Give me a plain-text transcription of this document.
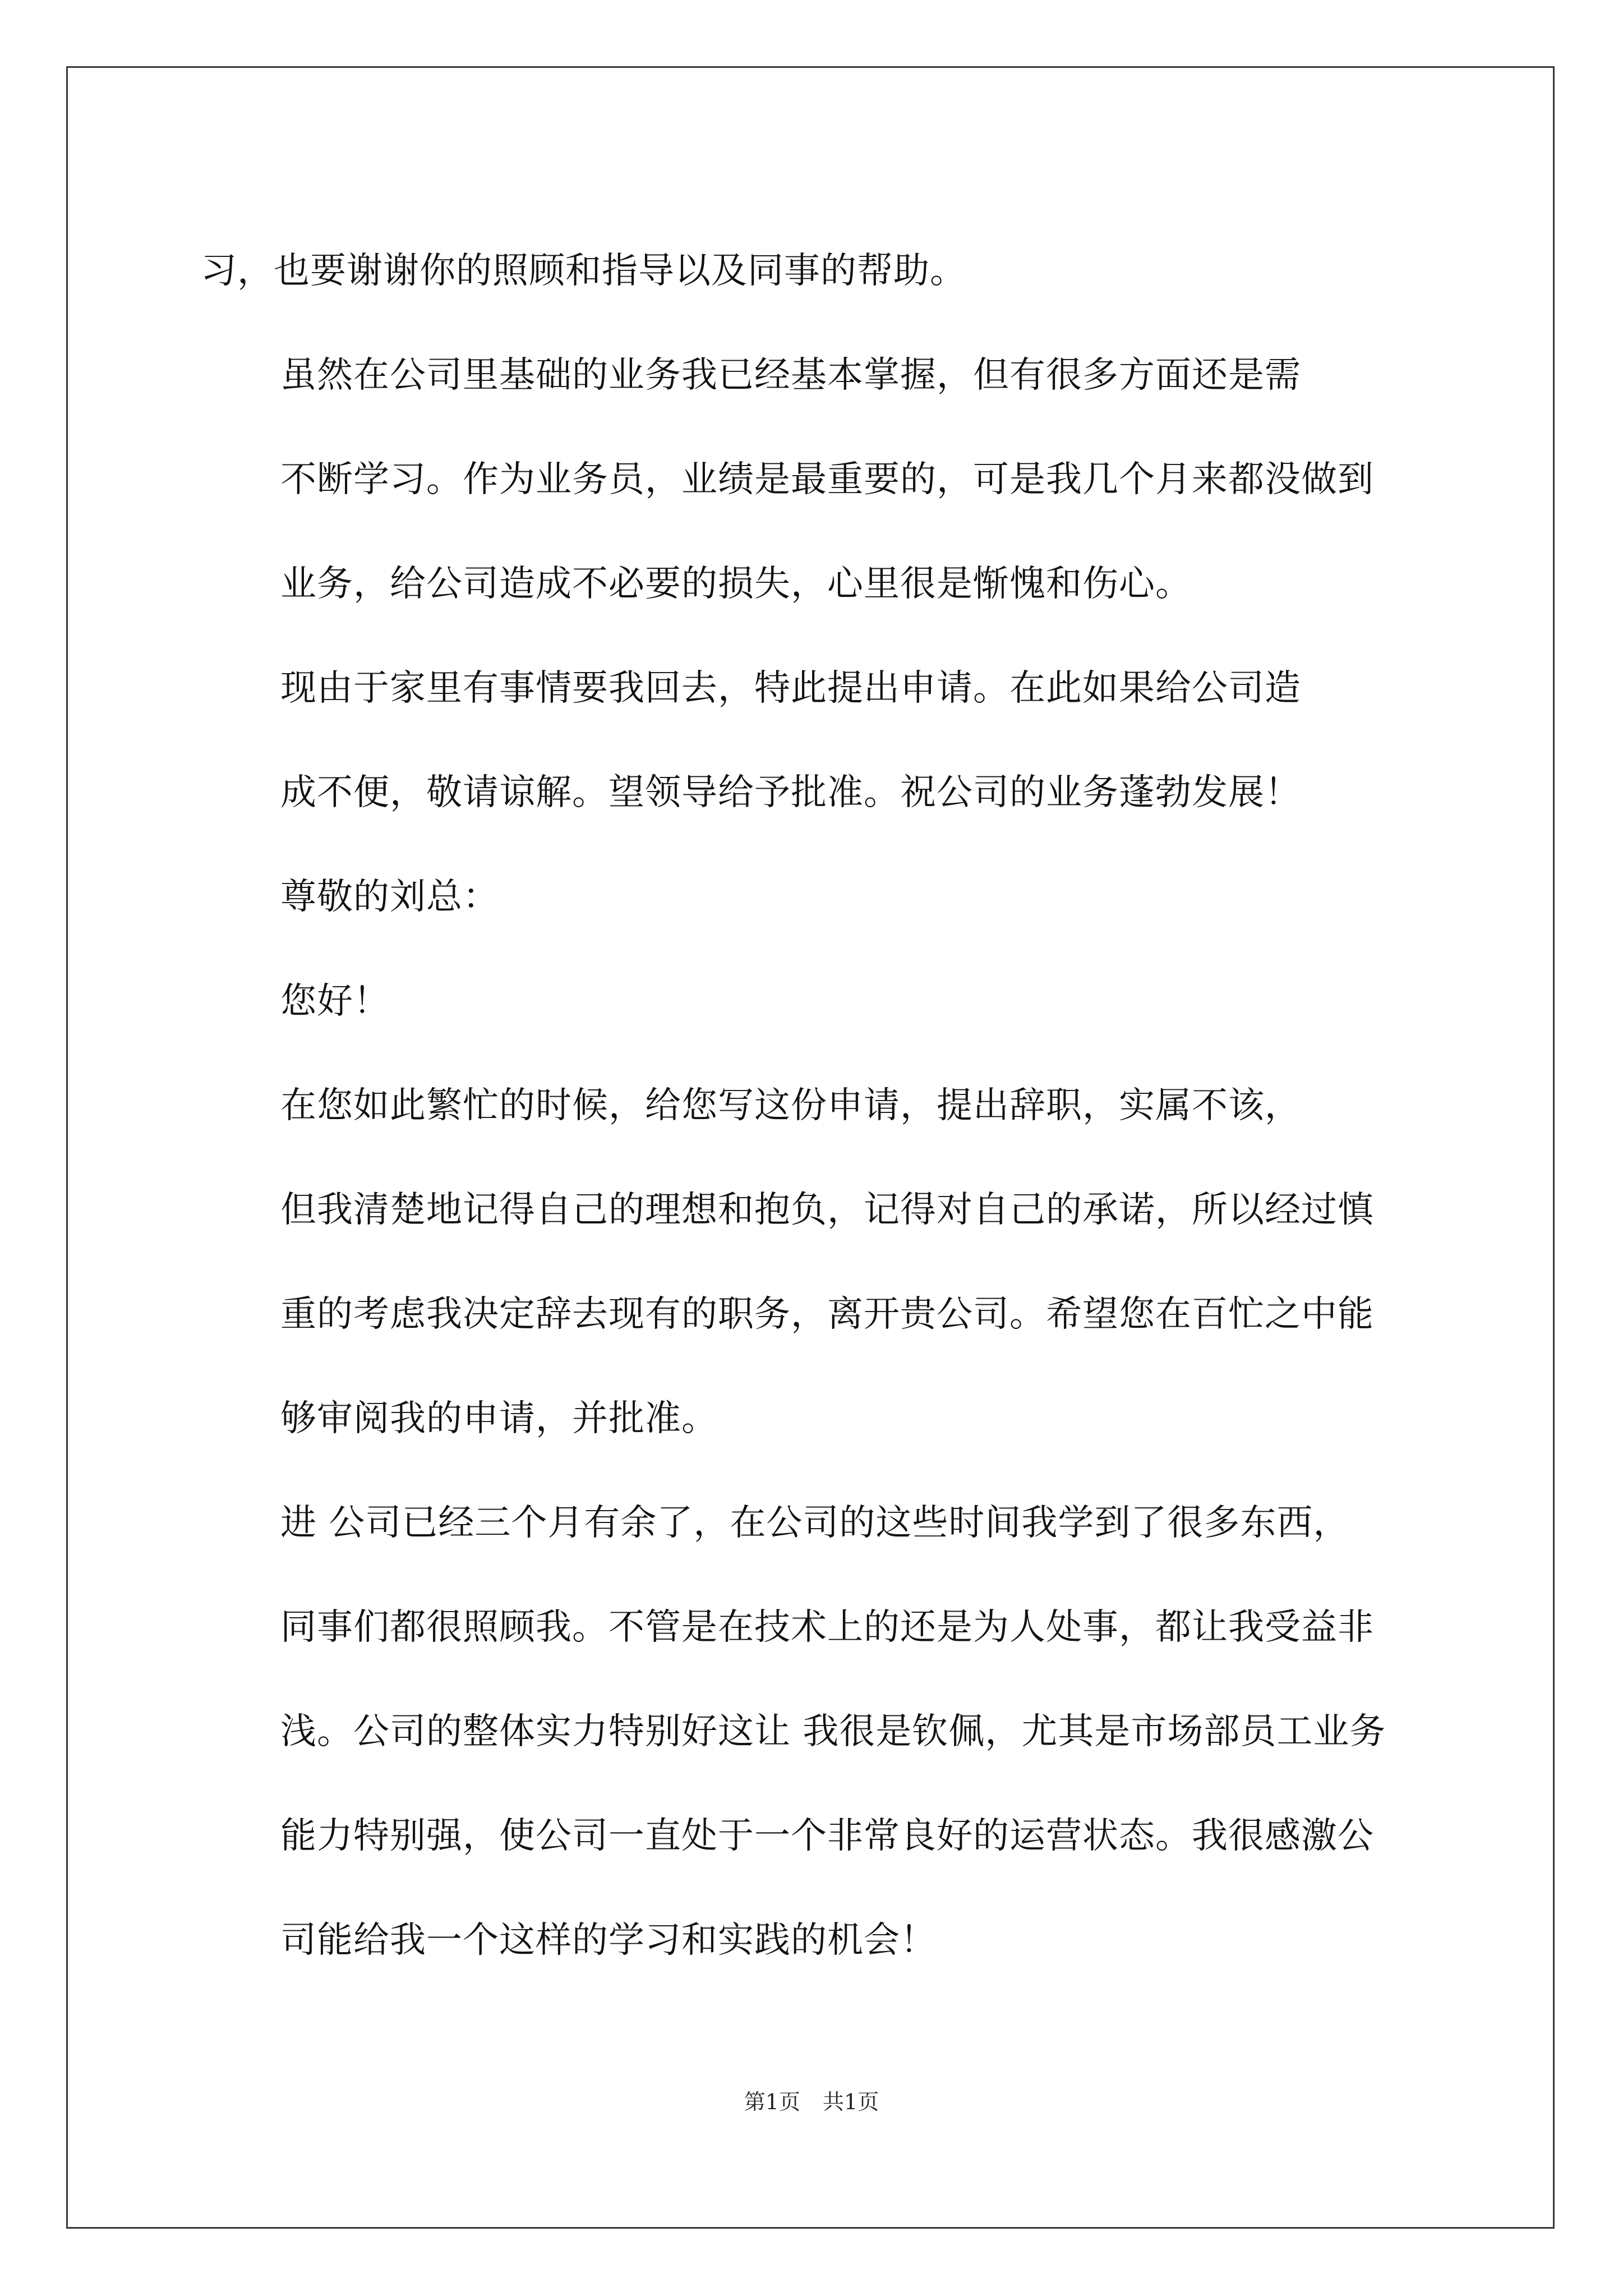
习，也要谢谢你的照顾和指导以及同事的帮助。

虽然在公司里基础的业务我已经基本掌握，但有很多方面还是需
不断学习。作为业务员，业绩是最重要的，可是我几个月来都没做到
业务，给公司造成不必要的损失，心里很是惭愧和伤心。

现由于家里有事情要我回去，特此提出申请。在此如果给公司造
成不便，敬请谅解。望领导给予批准。祝公司的业务蓬勃发展！

尊敬的刘总：

您好！

在您如此繁忙的时候，给您写这份申请，提出辞职，实属不该，
但我清楚地记得自己的理想和抱负，记得对自己的承诺，所以经过慎
重的考虑我决定辞去现有的职务，离开贵公司。希望您在百忙之中能
够审阅我的申请，并批准。

进 公司已经三个月有余了，在公司的这些时间我学到了很多东西，
同事们都很照顾我。不管是在技术上的还是为人处事，都让我受益非
浅。公司的整体实力特别好这让 我很是钦佩，尤其是市场部员工业务
能力特别强，使公司一直处于一个非常良好的运营状态。我很感激公
司能给我一个这样的学习和实践的机会！

第1页 共1页
